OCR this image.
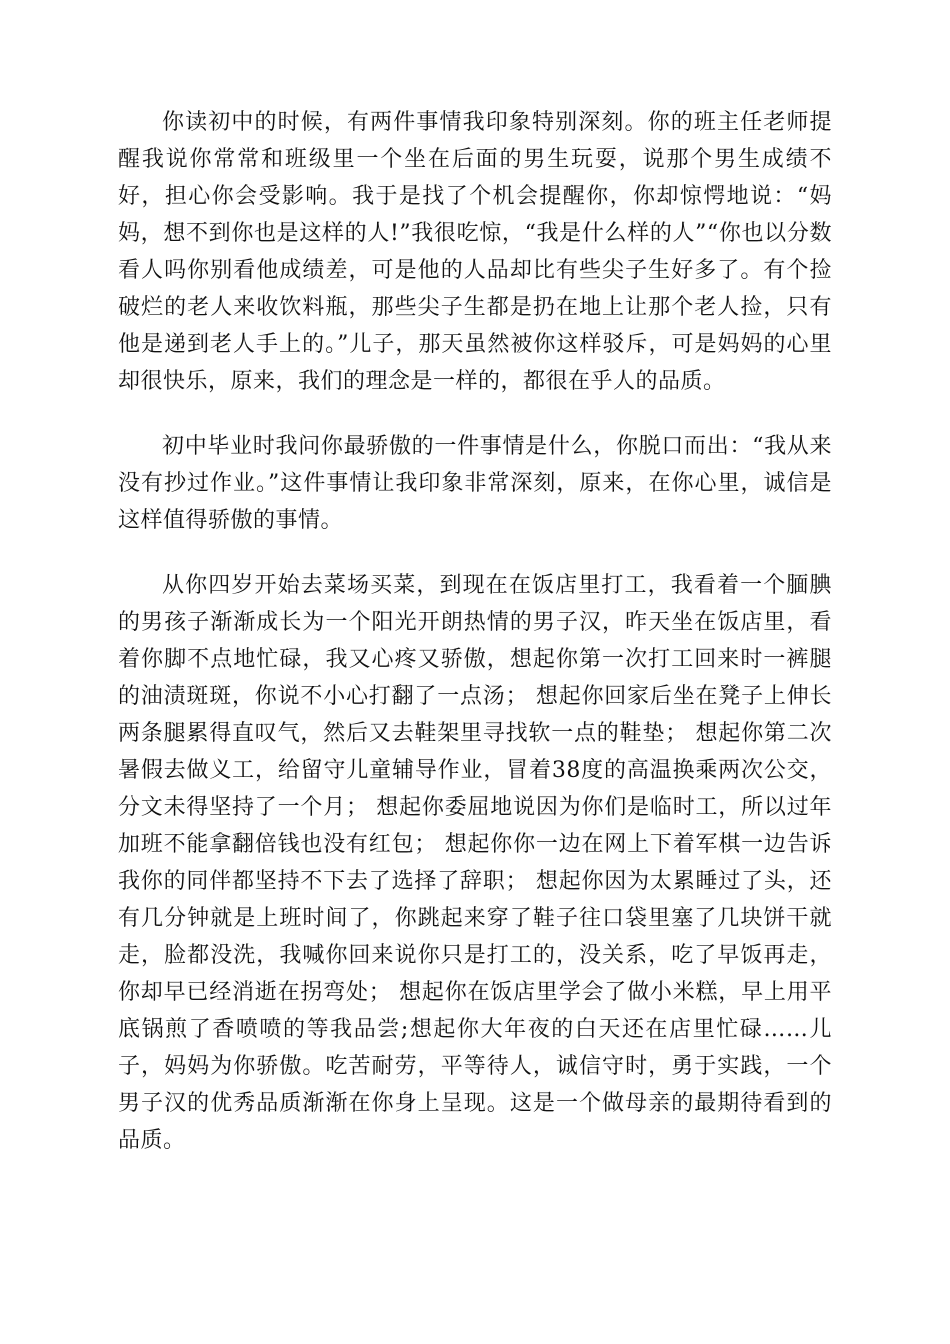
你读初中的时候，有两件事情我印象特别深刻。你的班主任老师提醒我说你常常和班级里一个坐在后面的男生玩耍，说那个男生成绩不好，担心你会受影响。我于是找了个机会提醒你，你却惊愕地说：“妈妈，想不到你也是这样的人!”我很吃惊，“我是什么样的人”“你也以分数看人吗你别看他成绩差，可是他的人品却比有些尖子生好多了。有个捡破烂的老人来收饮料瓶，那些尖子生都是扔在地上让那个老人捡，只有他是递到老人手上的。”儿子，那天虽然被你这样驳斥，可是妈妈的心里却很快乐，原来，我们的理念是一样的，都很在乎人的品质。

初中毕业时我问你最骄傲的一件事情是什么，你脱口而出：“我从来没有抄过作业。”这件事情让我印象非常深刻，原来，在你心里，诚信是这样值得骄傲的事情。

从你四岁开始去菜场买菜，到现在在饭店里打工，我看着一个腼腆的男孩子渐渐成长为一个阳光开朗热情的男子汉，昨天坐在饭店里，看着你脚不点地忙碌，我又心疼又骄傲，想起你第一次打工回来时一裤腿的油渍斑斑，你说不小心打翻了一点汤； 想起你回家后坐在凳子上伸长两条腿累得直叹气，然后又去鞋架里寻找软一点的鞋垫； 想起你第二次暑假去做义工，给留守儿童辅导作业，冒着38度的高温换乘两次公交，分文未得坚持了一个月； 想起你委屈地说因为你们是临时工，所以过年加班不能拿翻倍钱也没有红包； 想起你你一边在网上下着军棋一边告诉我你的同伴都坚持不下去了选择了辞职； 想起你因为太累睡过了头，还有几分钟就是上班时间了，你跳起来穿了鞋子往口袋里塞了几块饼干就走，脸都没洗，我喊你回来说你只是打工的，没关系，吃了早饭再走，你却早已经消逝在拐弯处； 想起你在饭店里学会了做小米糕，早上用平底锅煎了香喷喷的等我品尝;想起你大年夜的白天还在店里忙碌……儿子，妈妈为你骄傲。吃苦耐劳，平等待人，诚信守时，勇于实践，一个男子汉的优秀品质渐渐在你身上呈现。这是一个做母亲的最期待看到的品质。
